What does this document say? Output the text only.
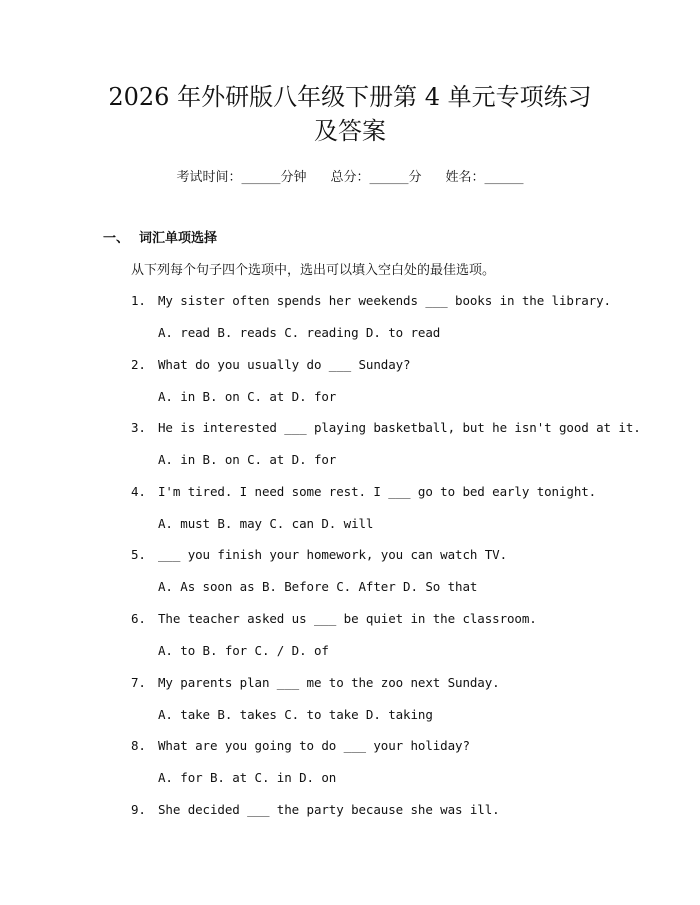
2026 年外研版八年级下册第 4 单元专项练习
及答案
考试时间：______分钟 总分：______分 姓名：______
一、 词汇单项选择
从下列每个句子四个选项中，选出可以填入空白处的最佳选项。
1. My sister often spends her weekends ___ books in the library.
A. read B. reads C. reading D. to read
2. What do you usually do ___ Sunday?
A. in B. on C. at D. for
3. He is interested ___ playing basketball, but he isn't good at it.
A. in B. on C. at D. for
4. I'm tired. I need some rest. I ___ go to bed early tonight.
A. must B. may C. can D. will
5. ___ you finish your homework, you can watch TV.
A. As soon as B. Before C. After D. So that
6. The teacher asked us ___ be quiet in the classroom.
A. to B. for C. / D. of
7. My parents plan ___ me to the zoo next Sunday.
A. take B. takes C. to take D. taking
8. What are you going to do ___ your holiday?
A. for B. at C. in D. on
9. She decided ___ the party because she was ill.
